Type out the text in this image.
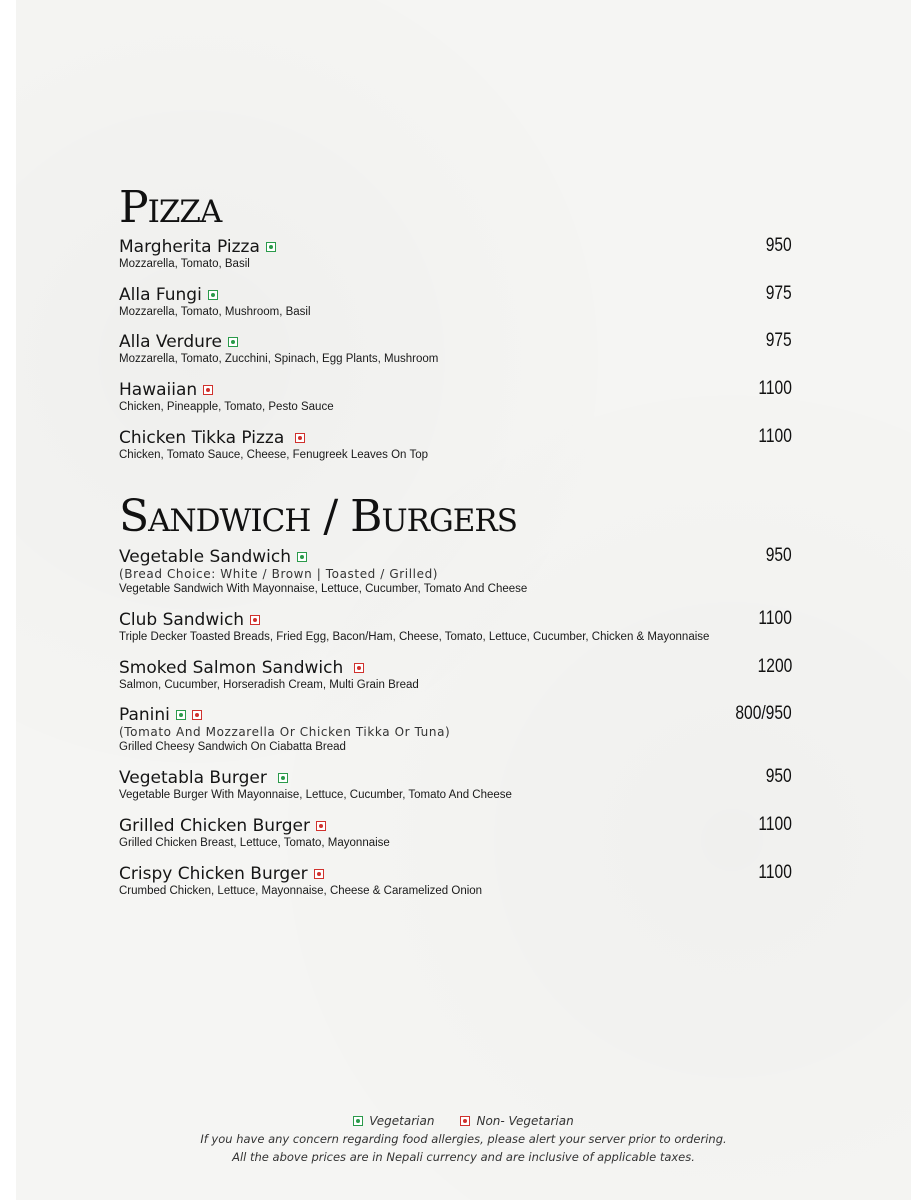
Pizza
Margherita Pizza
Mozzarella, Tomato, Basil
950
Alla Fungi
Mozzarella, Tomato, Mushroom, Basil
975
Alla Verdure
Mozzarella, Tomato, Zucchini, Spinach, Egg Plants, Mushroom
975
Hawaiian
Chicken, Pineapple, Tomato, Pesto Sauce
1100
Chicken Tikka Pizza
Chicken, Tomato Sauce, Cheese, Fenugreek Leaves On Top
1100
Sandwich / Burgers
Vegetable Sandwich
(Bread Choice: White / Brown | Toasted / Grilled)
Vegetable Sandwich With Mayonnaise, Lettuce, Cucumber, Tomato And Cheese
950
Club Sandwich
Triple Decker Toasted Breads, Fried Egg, Bacon/Ham, Cheese, Tomato, Lettuce, Cucumber, Chicken & Mayonnaise
1100
Smoked Salmon Sandwich
Salmon, Cucumber, Horseradish Cream, Multi Grain Bread
1200
Panini
(Tomato And Mozzarella Or Chicken Tikka Or Tuna)
Grilled Cheesy Sandwich On Ciabatta Bread
800/950
Vegetabla Burger
Vegetable Burger With Mayonnaise, Lettuce, Cucumber, Tomato And Cheese
950
Grilled Chicken Burger
Grilled Chicken Breast, Lettuce, Tomato, Mayonnaise
1100
Crispy Chicken Burger
Crumbed Chicken, Lettuce, Mayonnaise, Cheese & Caramelized Onion
1100
Vegetarian	Non- Vegetarian
If you have any concern regarding food allergies, please alert your server prior to ordering.
All the above prices are in Nepali currency and are inclusive of applicable taxes.
